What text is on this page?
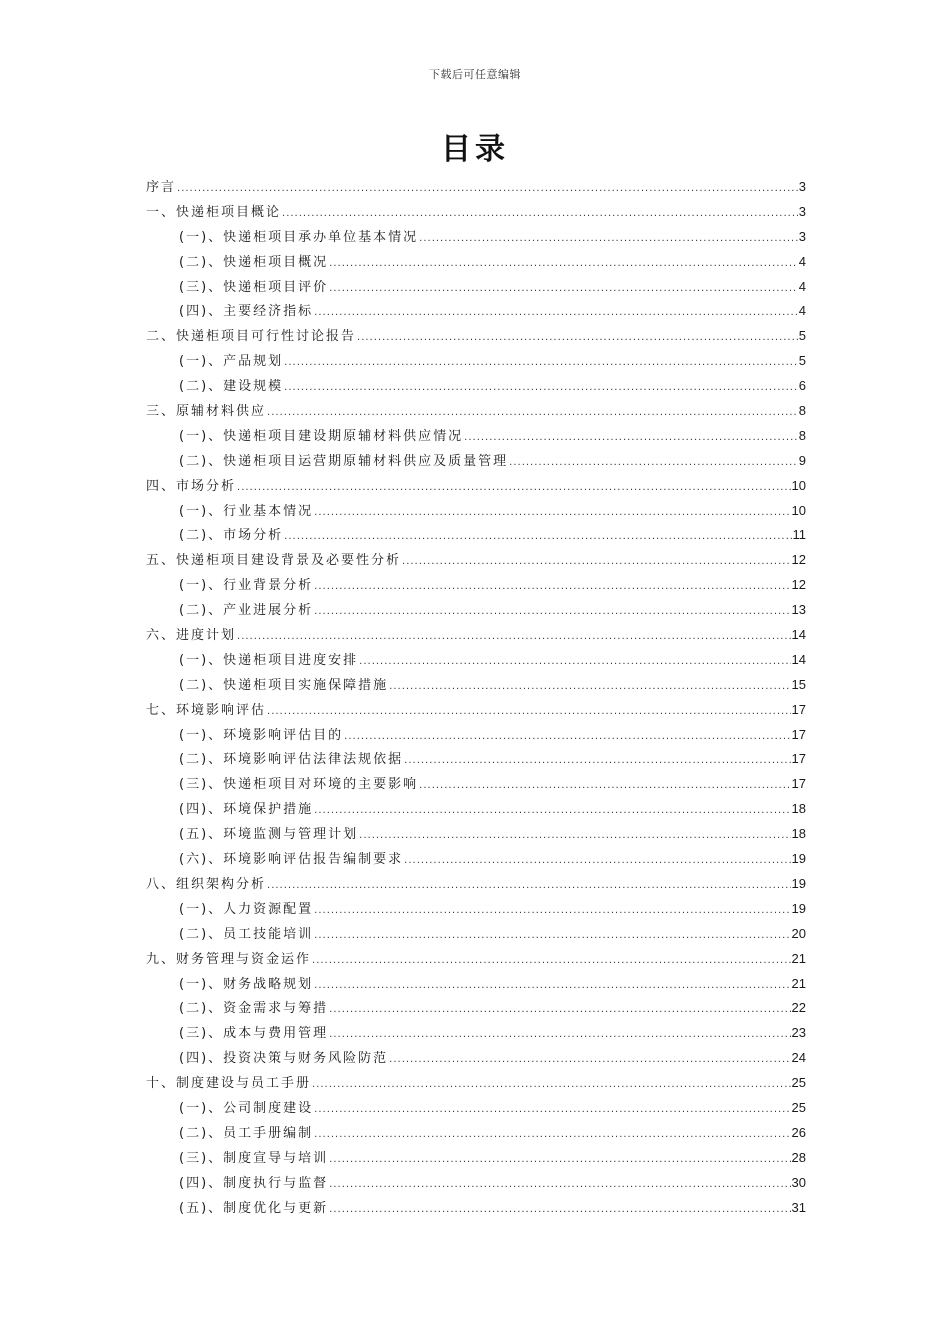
下载后可任意编辑
目录
序言 .....	3
一、快递柜项目概论 .....	3
(一)、快递柜项目承办单位基本情况 .....	3
(二)、快递柜项目概况 .....	4
(三)、快递柜项目评价 .....	4
(四)、主要经济指标 .....	4
二、快递柜项目可行性讨论报告 .....	5
(一)、产品规划 .....	5
(二)、建设规模 .....	6
三、原辅材料供应 .....	8
(一)、快递柜项目建设期原辅材料供应情况 .....	8
(二)、快递柜项目运营期原辅材料供应及质量管理 .....	9
四、市场分析 .....	10
(一)、行业基本情况 .....	10
(二)、市场分析 .....	11
五、快递柜项目建设背景及必要性分析 .....	12
(一)、行业背景分析 .....	12
(二)、产业进展分析 .....	13
六、进度计划 .....	14
(一)、快递柜项目进度安排 .....	14
(二)、快递柜项目实施保障措施 .....	15
七、环境影响评估 .....	17
(一)、环境影响评估目的 .....	17
(二)、环境影响评估法律法规依据 .....	17
(三)、快递柜项目对环境的主要影响 .....	17
(四)、环境保护措施 .....	18
(五)、环境监测与管理计划 .....	18
(六)、环境影响评估报告编制要求 .....	19
八、组织架构分析 .....	19
(一)、人力资源配置 .....	19
(二)、员工技能培训 .....	20
九、财务管理与资金运作 .....	21
(一)、财务战略规划 .....	21
(二)、资金需求与筹措 .....	22
(三)、成本与费用管理 .....	23
(四)、投资决策与财务风险防范 .....	24
十、制度建设与员工手册 .....	25
(一)、公司制度建设 .....	25
(二)、员工手册编制 .....	26
(三)、制度宣导与培训 .....	28
(四)、制度执行与监督 .....	30
(五)、制度优化与更新 .....	31
